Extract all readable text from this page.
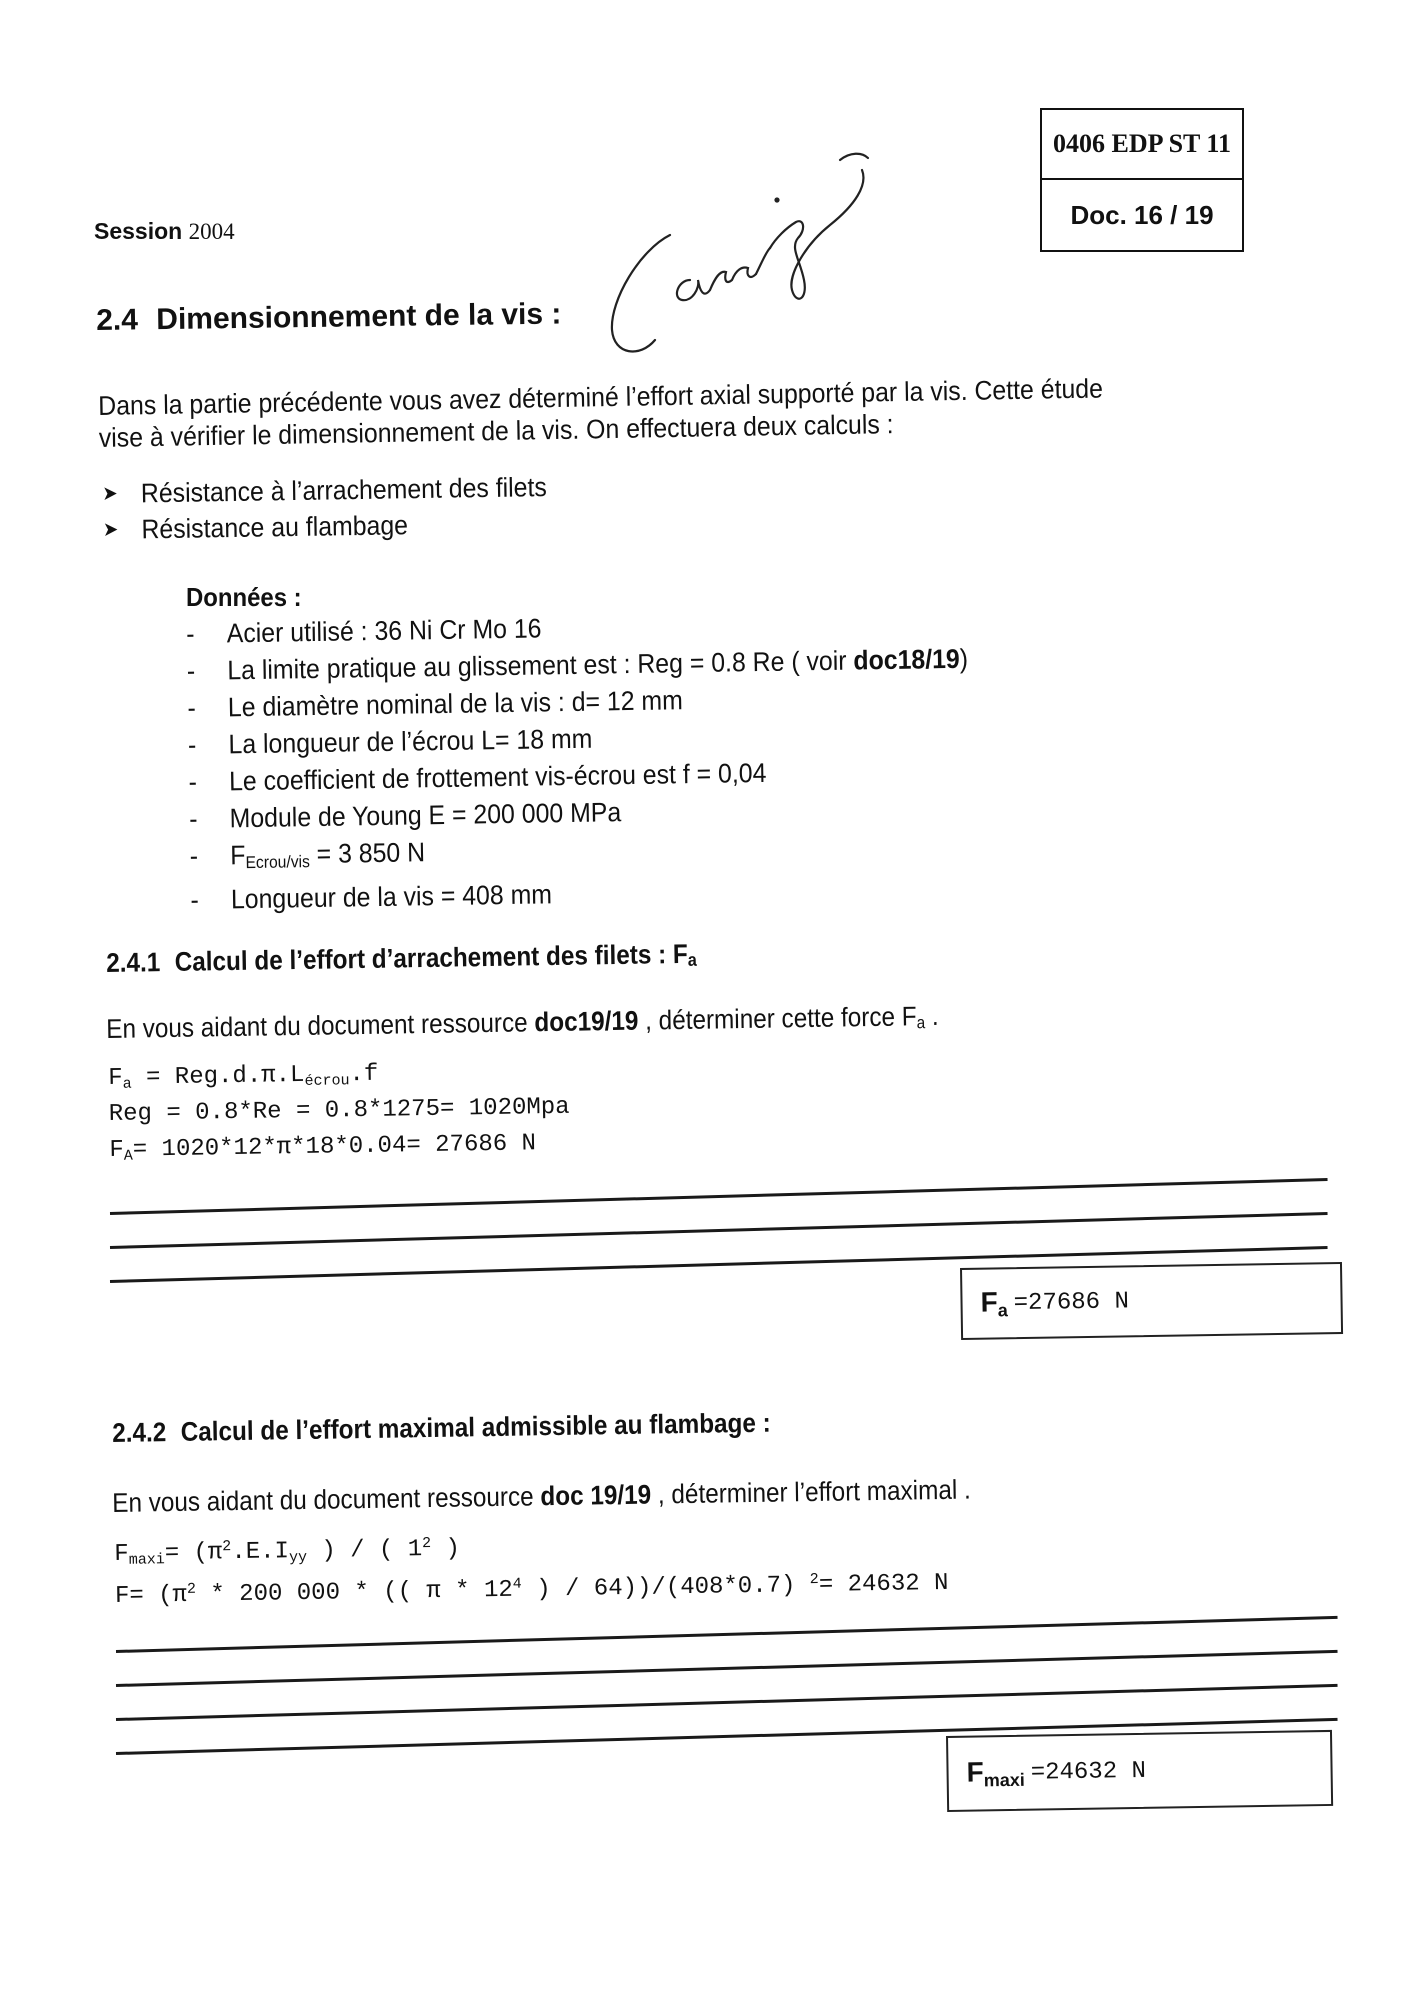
0406 EDP ST 11
Doc. 16 / 19
Session 2004
2.4 Dimensionnement de la vis :
Dans la partie précédente vous avez déterminé l’effort axial supporté par la vis. Cette étude
vise à vérifier le dimensionnement de la vis. On effectuera deux calculs :
➤ Résistance à l’arrachement des filets
➤ Résistance au flambage
Données :
-	Acier utilisé : 36 Ni Cr Mo 16
-	La limite pratique au glissement est : Reg = 0.8 Re ( voir doc18/19)
-	Le diamètre nominal de la vis : d= 12 mm
-	La longueur de l’écrou L= 18 mm
-	Le coefficient de frottement vis-écrou est f = 0,04
-	Module de Young E = 200 000 MPa
-	$F_{Ecrou/vis} = 3$ 850 N
-	Longueur de la vis = 408 mm
2.4.1 Calcul de l’effort d’arrachement des filets : $F_a$
En vous aidant du document ressource doc19/19 , déterminer cette force $F_a$ .
$F_a = Reg.d.\pi.L_{écrou}.f$
Reg = 0.8*Re = 0.8*1275= 1020Mpa
$F_A= 1020*12*\pi*18*0.04= 27686$ N
$F_a =27686$ N
2.4.2 Calcul de l’effort maximal admissible au flambage :
En vous aidant du document ressource doc 19/19 , déterminer l’effort maximal .
$F_{maxi}= (\pi^2.E.I_{yy}$ ) / ( $1^2$ )
$F= (\pi^2 * 200$ 000 * (( π * $12^4$ ) / 64))/(408*0.7) $^2$= 24632 N
$F_{maxi} =24632$ N
